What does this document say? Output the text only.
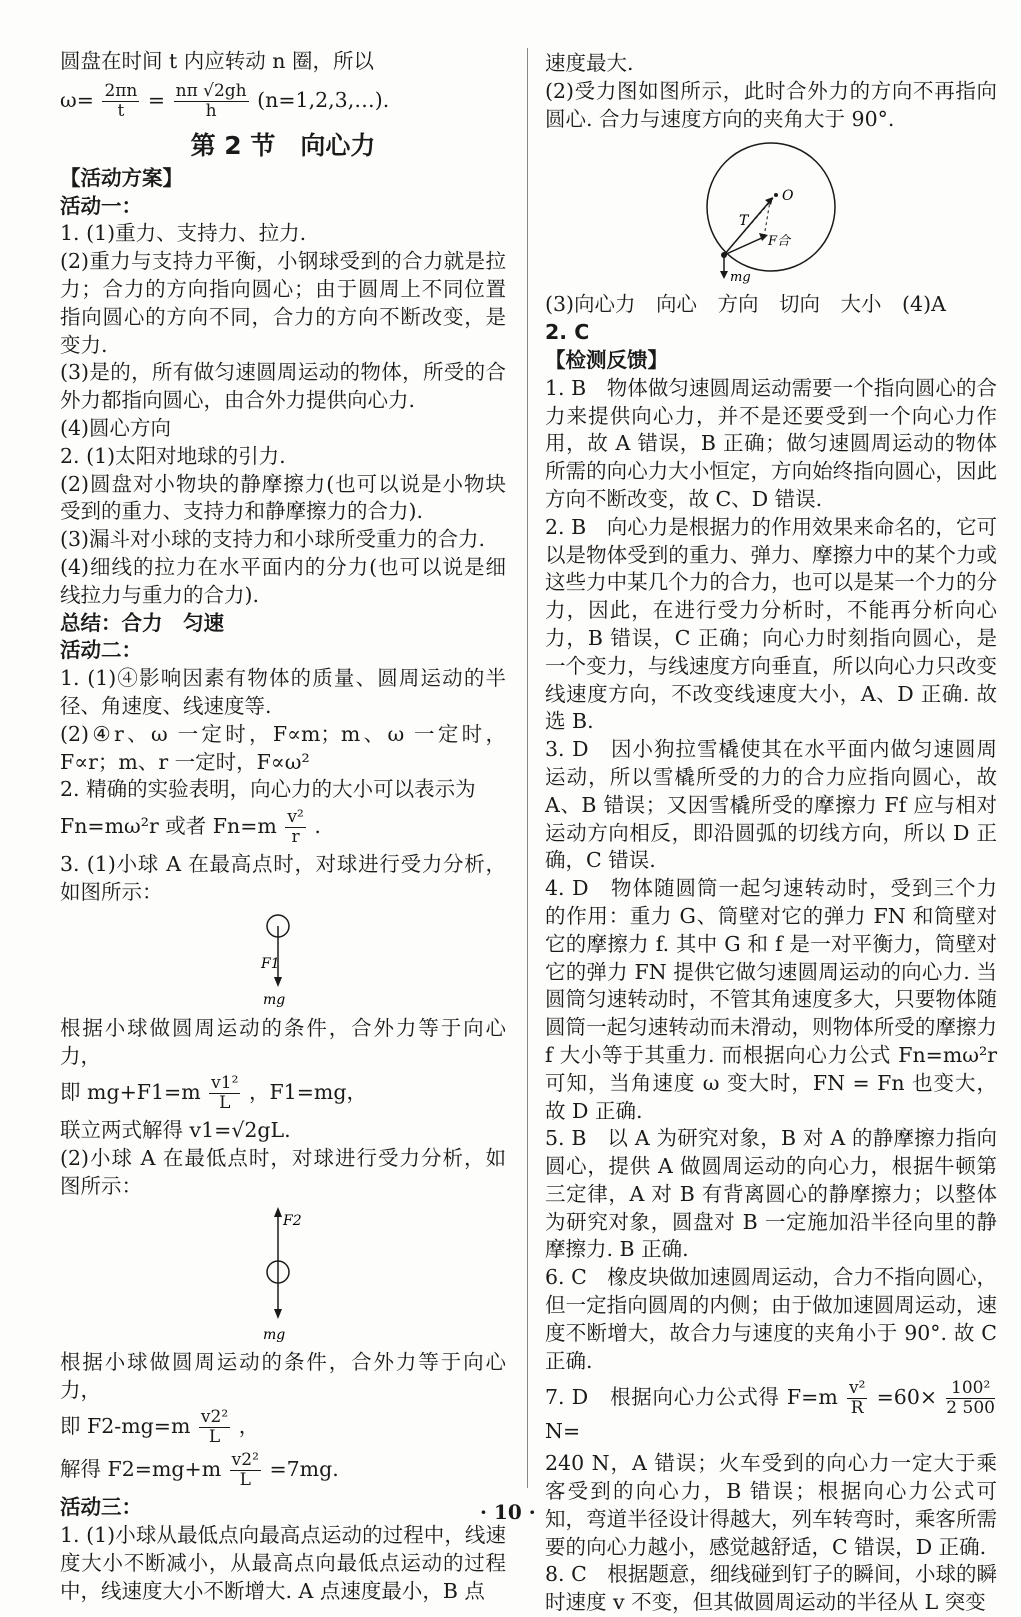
圆盘在时间 t 内应转动 n 圈，所以

$\omega= \frac{2\pi n}{t} = \frac{n\pi √2gh}{h}$ (n=1,2,3,…).

第 2 节　向心力

【活动方案】

活动一：

1. (1)重力、支持力、拉力.

(2)重力与支持力平衡，小钢球受到的合力就是拉力；合力的方向指向圆心；由于圆周上不同位置指向圆心的方向不同，合力的方向不断改变，是变力.

(3)是的，所有做匀速圆周运动的物体，所受的合外力都指向圆心，由合外力提供向心力.

(4)圆心方向

2. (1)太阳对地球的引力.

(2)圆盘对小物块的静摩擦力(也可以说是小物块受到的重力、支持力和静摩擦力的合力).

(3)漏斗对小球的支持力和小球所受重力的合力.

(4)细线的拉力在水平面内的分力(也可以说是细线拉力与重力的合力).

总结：合力　匀速

活动二：

1. (1)④影响因素有物体的质量、圆周运动的半径、角速度、线速度等.

(2)④r、ω 一定时，F∝m；m、ω 一定时，F∝r；m、r 一定时，F∝ω²

2. 精确的实验表明，向心力的大小可以表示为

Fn=mω²r 或者 $Fn=m \frac{\text{v²}}{r}$ .

3. (1)小球 A 在最高点时，对球进行受力分析，如图所示：

F1
mg

根据小球做圆周运动的条件，合外力等于向心力，

即 $mg+F1=m \frac{\text{v1²}}{L}$ ，F1=mg，

联立两式解得 v1=√2gL.

(2)小球 A 在最低点时，对球进行受力分析，如图所示：

F2
mg

根据小球做圆周运动的条件，合外力等于向心力，

即 $F2-mg=m \frac{\text{v2²}}{L}$ ，

解得 $F2=mg+m \frac{\text{v2²}}{L} =7mg$.

活动三：

1. (1)小球从最低点向最高点运动的过程中，线速度大小不断减小，从最高点向最低点运动的过程中，线速度大小不断增大. A 点速度最小，B 点

速度最大.

(2)受力图如图所示，此时合外力的方向不再指向圆心. 合力与速度方向的夹角大于 90°.

T
O
F合
mg

(3)向心力　向心　方向　切向　大小　(4)A

2. C

【检测反馈】

1. B　物体做匀速圆周运动需要一个指向圆心的合力来提供向心力，并不是还要受到一个向心力作用，故 A 错误，B 正确；做匀速圆周运动的物体所需的向心力大小恒定，方向始终指向圆心，因此方向不断改变，故 C、D 错误.

2. B　向心力是根据力的作用效果来命名的，它可以是物体受到的重力、弹力、摩擦力中的某个力或这些力中某几个力的合力，也可以是某一个力的分力，因此，在进行受力分析时，不能再分析向心力，B 错误，C 正确；向心力时刻指向圆心，是一个变力，与线速度方向垂直，所以向心力只改变线速度方向，不改变线速度大小，A、D 正确. 故选 B.

3. D　因小狗拉雪橇使其在水平面内做匀速圆周运动，所以雪橇所受的力的合力应指向圆心，故 A、B 错误；又因雪橇所受的摩擦力 Ff 应与相对运动方向相反，即沿圆弧的切线方向，所以 D 正确，C 错误.

4. D　物体随圆筒一起匀速转动时，受到三个力的作用：重力 G、筒壁对它的弹力 FN 和筒壁对它的摩擦力 f. 其中 G 和 f 是一对平衡力，筒壁对它的弹力 FN 提供它做匀速圆周运动的向心力. 当圆筒匀速转动时，不管其角速度多大，只要物体随圆筒一起匀速转动而未滑动，则物体所受的摩擦力 f 大小等于其重力. 而根据向心力公式 Fn=mω²r 可知，当角速度 ω 变大时，FN = Fn 也变大，故 D 正确.

5. B　以 A 为研究对象，B 对 A 的静摩擦力指向圆心，提供 A 做圆周运动的向心力，根据牛顿第三定律，A 对 B 有背离圆心的静摩擦力；以整体为研究对象，圆盘对 B 一定施加沿半径向里的静摩擦力. B 正确.

6. C　橡皮块做加速圆周运动，合力不指向圆心，但一定指向圆周的内侧；由于做加速圆周运动，速度不断增大，故合力与速度的夹角小于 90°. 故 C 正确.

7. D　根据向心力公式得 $F=m \frac{\text{v²}}{R} =60\times \frac{\text{100²}}{2 500}$
N=

240 N，A 错误；火车受到的向心力一定大于乘客受到的向心力，B 错误；根据向心力公式可知，弯道半径设计得越大，列车转弯时，乘客所需要的向心力越小，感觉越舒适，C 错误，D 正确.

8. C　根据题意，细线碰到钉子的瞬间，小球的瞬时速度 v 不变，但其做圆周运动的半径从 L 突变

· 10 ·
